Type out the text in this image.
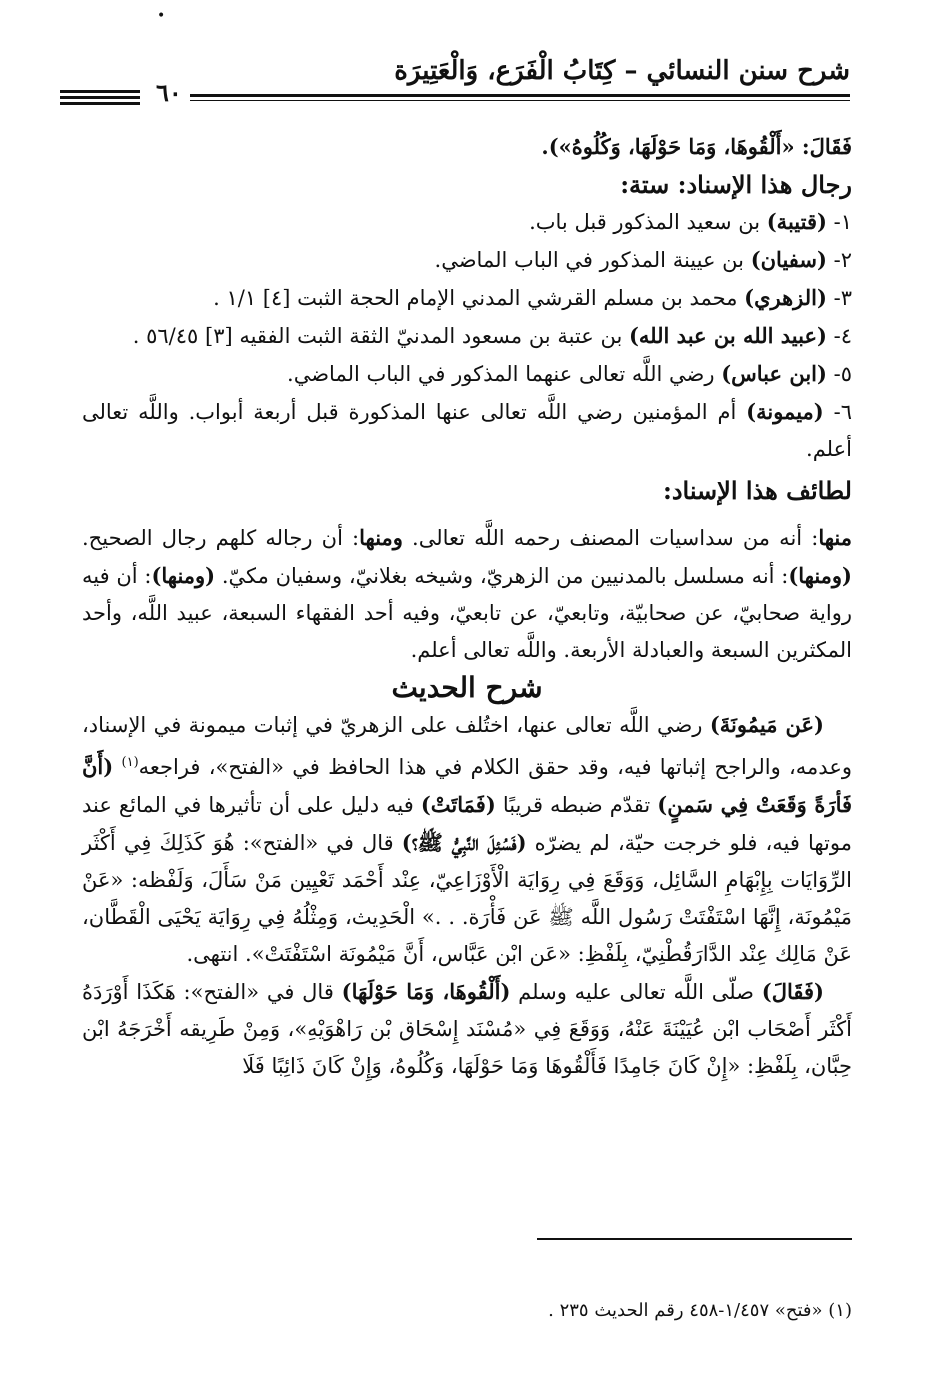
•
شرح سنن النسائي – كِتَابُ الْفَرَع، وَالْعَتِيرَة
٦٠

فَقَالَ: «أَلْقُوهَا، وَمَا حَوْلَهَا، وَكُلُوهُ»).

رجال هذا الإسناد: ستة:

١- (قتيبة) بن سعيد المذكور قبل باب.

٢- (سفيان) بن عيينة المذكور في الباب الماضي.

٣- (الزهري) محمد بن مسلم القرشي المدني الإمام الحجة الثبت [٤] ١/١ .

٤- (عبيد الله بن عبد الله) بن عتبة بن مسعود المدنيّ الثقة الثبت الفقيه [٣] ٥٦/٤٥ .

٥- (ابن عباس) رضي اللَّه تعالى عنهما المذكور في الباب الماضي.

٦- (ميمونة) أم المؤمنين رضي اللَّه تعالى عنها المذكورة قبل أربعة أبواب. واللَّه تعالى أعلم.

لطائف هذا الإسناد:

منها: أنه من سداسيات المصنف رحمه اللَّه تعالى. ومنها: أن رجاله كلهم رجال الصحيح. (ومنها): أنه مسلسل بالمدنيين من الزهريّ، وشيخه بغلانيّ، وسفيان مكيّ. (ومنها): أن فيه رواية صحابيّ، عن صحابيّة، وتابعيّ، عن تابعيّ، وفيه أحد الفقهاء السبعة، عبيد اللَّه، وأحد المكثرين السبعة والعبادلة الأربعة. واللَّه تعالى أعلم.

شرح الحديث

(عَن مَيمُونَةَ) رضي اللَّه تعالى عنها، اختُلف على الزهريّ في إثبات ميمونة في الإسناد، وعدمه، والراجح إثباتها فيه، وقد حقق الكلام في هذا الحافظ في «الفتح»، فراجعه$^{(١)}$ (أَنَّ فَأرَةً وَقَعَتْ فِي سَمنٍ) تقدّم ضبطه قريبًا (فَمَاتَتْ) فيه دليل على أن تأثيرها في المائع عند موتها فيه، فلو خرجت حيّة، لم يضرّه (فَسُئِلَ النَّبِيُّ ﷺ؟) قال في «الفتح»: هُوَ كَذَلِكَ فِي أَكْثَر الرِّوَايَات بِإِبْهَامِ السَّائِل، وَوَقَعَ فِي رِوَايَة الْأَوْزَاعِيّ، عِنْد أَحْمَد تَعْيِين مَنْ سَأَلَ، وَلَفْظه: «عَنْ مَيْمُونَة، إِنَّهَا اسْتَفْتَتْ رَسُول اللَّه ﷺ عَن فَأْرَة. . .» الْحَدِيث، وَمِثْلُهُ فِي رِوَايَة يَحْيَى الْقَطَّان، عَنْ مَالِك عِنْد الدَّارَقُطْنِيّ، بِلَفْظِ: «عَن ابْن عَبَّاس، أَنَّ مَيْمُونَة اسْتَفْتَتْ». انتهى.

(فَقَالَ) صلّى اللَّه تعالى عليه وسلم (أَلْقُوهَا، وَمَا حَوْلَهَا) قال في «الفتح»: هَكَذَا أَوْرَدَهُ أَكْثَر أَصْحَاب ابْن عُيَيْنَةَ عَنْهُ، وَوَقَعَ فِي «مُسْنَد إِسْحَاق بْن رَاهْوَيْهِ»، وَمِنْ طَرِيقه أَخْرَجَهُ ابْن حِبَّان، بِلَفْظِ: «إِنْ كَانَ جَامِدًا فَأَلْقُوهَا وَمَا حَوْلَهَا، وَكُلُوهُ، وَإِنْ كَانَ ذَائِبًا فَلَا

(١) «فتح» ١/٤٥٧-٤٥٨ رقم الحديث ٢٣٥ .
